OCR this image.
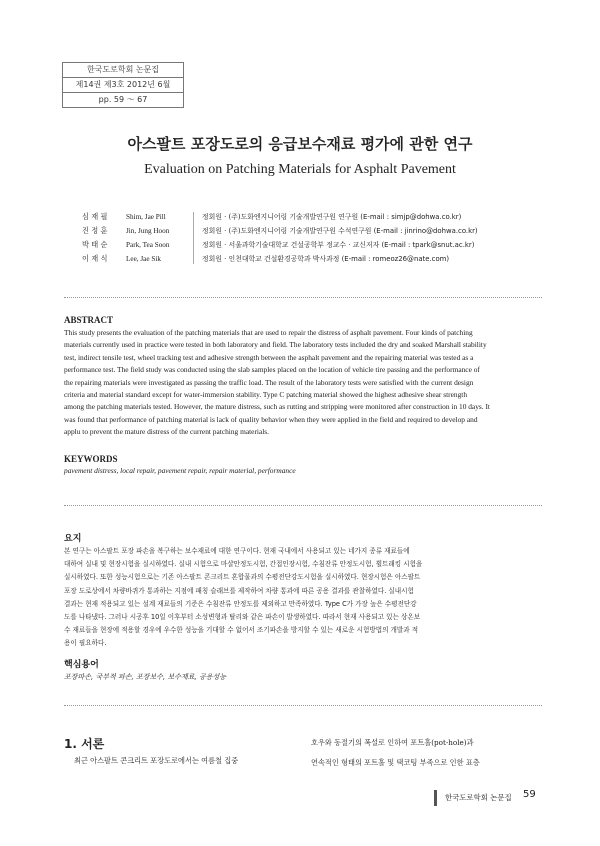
한국도로학회 논문집
제14권 제3호 2012년 6월
pp. 59 ～ 67
아스팔트 포장도로의 응급보수재료 평가에 관한 연구
Evaluation on Patching Materials for Asphalt Pavement
심 재 필	Shim, Jae Pill	정회원 · (주)도화엔지니어링 기술개발연구원 연구원 (E-mail : simjp@dohwa.co.kr)
진 정 훈	Jin, Jung Hoon	정회원 · (주)도화엔지니어링 기술개발연구원 수석연구원 (E-mail : jinrino@dohwa.co.kr)
박 태 순	Park, Tea Soon	정회원 · 서울과학기술대학교 건설공학부 정교수 · 교신저자 (E-mail : tpark@snut.ac.kr)
이 재 식	Lee, Jae Sik	정회원 · 인천대학교 건설환경공학과 박사과정 (E-mail : romeoz26@nate.com)
ABSTRACT
This study presents the evaluation of the patching materials that are used to repair the distress of asphalt pavement. Four kinds of patching
materials currently used in practice were tested in both laboratory and field. The laboratory tests included the dry and soaked Marshall stability
test, indirect tensile test, wheel tracking test and adhesive strength between the asphalt pavement and the repairing material was tested as a
performance test. The field study was conducted using the slab samples placed on the location of vehicle tire passing and the performance of
the repairing materials were investigated as passing the traffic load. The result of the laboratory tests were satisfied with the current design
criteria and material standard except for water-immersion stability. Type C patching material showed the highest adhesive shear strength
among the patching materials tested. However, the mature distress, such as rutting and stripping were monitored after construction in 10 days. It
was found that performance of patching material is lack of quality behavior when they were applied in the field and required to develop and
applu to prevent the mature distress of the current patching materials.
KEYWORDS
pavement distress, local repair, pavement repair, repair material, performance
요지
본 연구는 아스팔트 포장 파손을 복구하는 보수재료에 대한 연구이다. 현재 국내에서 사용되고 있는 네가지 종류 재료들에
대하여 실내 및 현장시험을 실시하였다. 실내 시험으로 마샬안정도시험, 간접인장시험, 수침잔류 안정도시험, 휠트래킹 시험을
실시하였다. 또한 성능시험으로는 기존 아스팔트 콘크리트 혼합물과의 수평전단강도시험을 실시하였다. 현장시험은 아스팔트
포장 도로상에서 차량바퀴가 통과하는 지점에 패칭 슬래브를 제작하여 차량 통과에 따른 공용 결과를 관찰하였다. 실내시험
결과는 현재 적용되고 있는 설계 재료들의 기준은 수침잔류 안정도를 제외하고 만족하였다. Type C가 가장 높은 수평전단강
도를 나타냈다. 그러나 시공후 10일 이후부터 소성변형과 탈리와 같은 파손이 발생하였다. 따라서 현재 사용되고 있는 상온보
수 재료들을 현장에 적용할 경우에 우수한 성능을 기대할 수 없어서 조기파손을 방지할 수 있는 새로운 시험방법의 개발과 적
용이 필요하다.
핵심용어
포장파손, 국부적 파손, 포장보수, 보수재료, 공용성능
1. 서론
최근 아스팔트 콘크리트 포장도로에서는 여름철 집중
호우와 동절기의 폭설로 인하여 포트홀(pot-hole)과
연속적인 형태의 포트홀 및 택코팅 부족으로 인한 표층
한국도로학회 논문집 59
